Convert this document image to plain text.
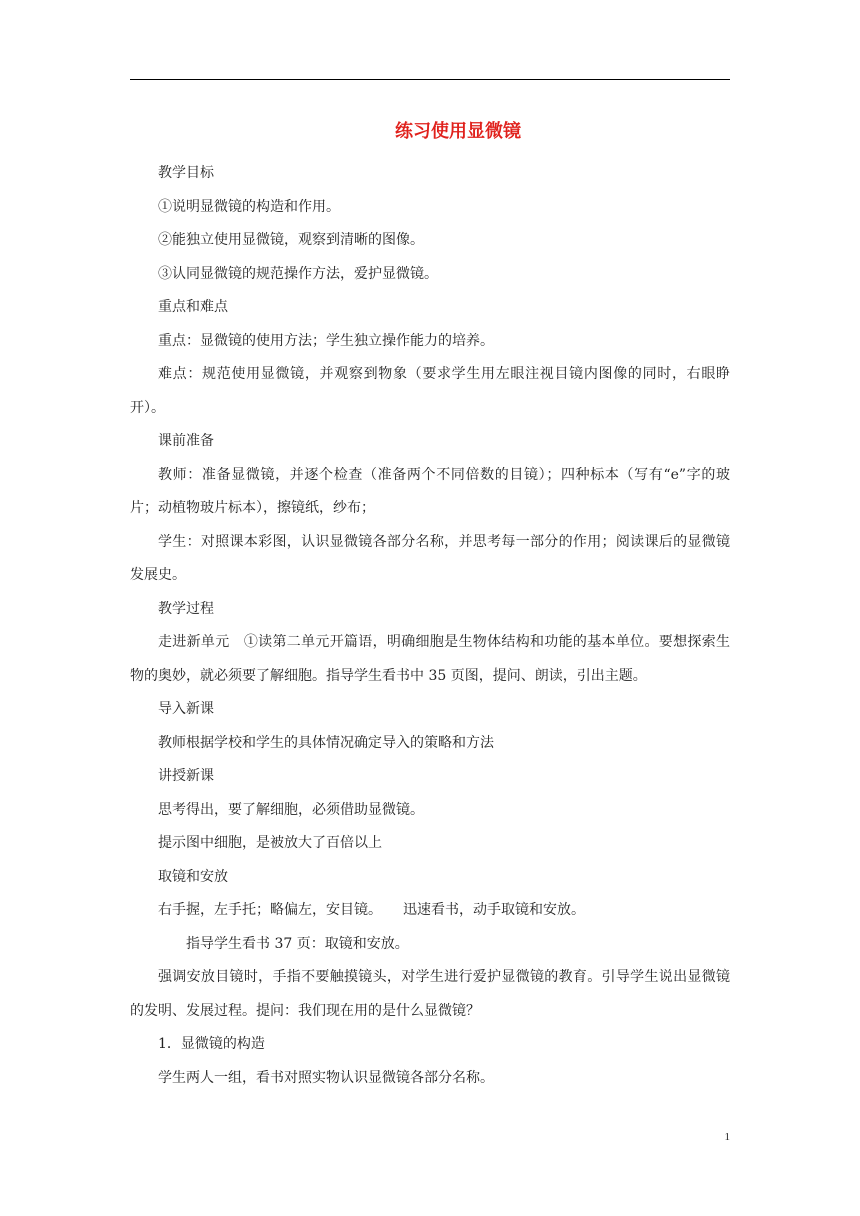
练习使用显微镜

教学目标

①说明显微镜的构造和作用。

②能独立使用显微镜，观察到清晰的图像。

③认同显微镜的规范操作方法，爱护显微镜。

重点和难点

重点：显微镜的使用方法；学生独立操作能力的培养。

难点：规范使用显微镜，并观察到物象（要求学生用左眼注视目镜内图像的同时，右眼睁开）。

课前准备

教师：准备显微镜，并逐个检查（准备两个不同倍数的目镜）；四种标本（写有“e”字的玻片；动植物玻片标本），擦镜纸，纱布；

学生：对照课本彩图，认识显微镜各部分名称，并思考每一部分的作用；阅读课后的显微镜发展史。

教学过程

走进新单元　①读第二单元开篇语，明确细胞是生物体结构和功能的基本单位。要想探索生物的奥妙，就必须要了解细胞。指导学生看书中 35 页图，提问、朗读，引出主题。

导入新课

教师根据学校和学生的具体情况确定导入的策略和方法

讲授新课

思考得出，要了解细胞，必须借助显微镜。

提示图中细胞，是被放大了百倍以上

取镜和安放

右手握，左手托；略偏左，安目镜。　　迅速看书，动手取镜和安放。

指导学生看书 37 页：取镜和安放。

强调安放目镜时，手指不要触摸镜头，对学生进行爱护显微镜的教育。引导学生说出显微镜的发明、发展过程。提问：我们现在用的是什么显微镜？

1．显微镜的构造

学生两人一组，看书对照实物认识显微镜各部分名称。

1
